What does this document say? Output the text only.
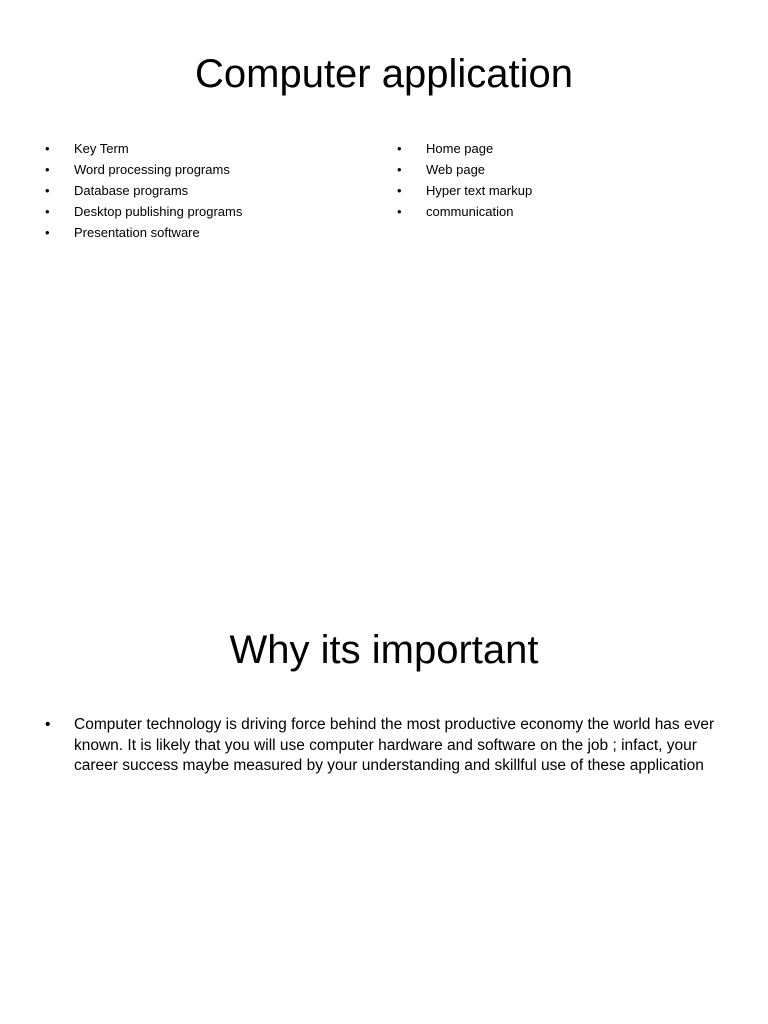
Computer application
• Key Term
• Word processing programs
• Database programs
• Desktop publishing programs
• Presentation software
• Home page
• Web page
• Hyper text markup
• communication
Why its important
• Computer technology is driving force behind the most productive economy the world has ever known. It is likely that you will use computer hardware and software on the job ; infact, your career success maybe measured by your understanding and skillful use of these application
